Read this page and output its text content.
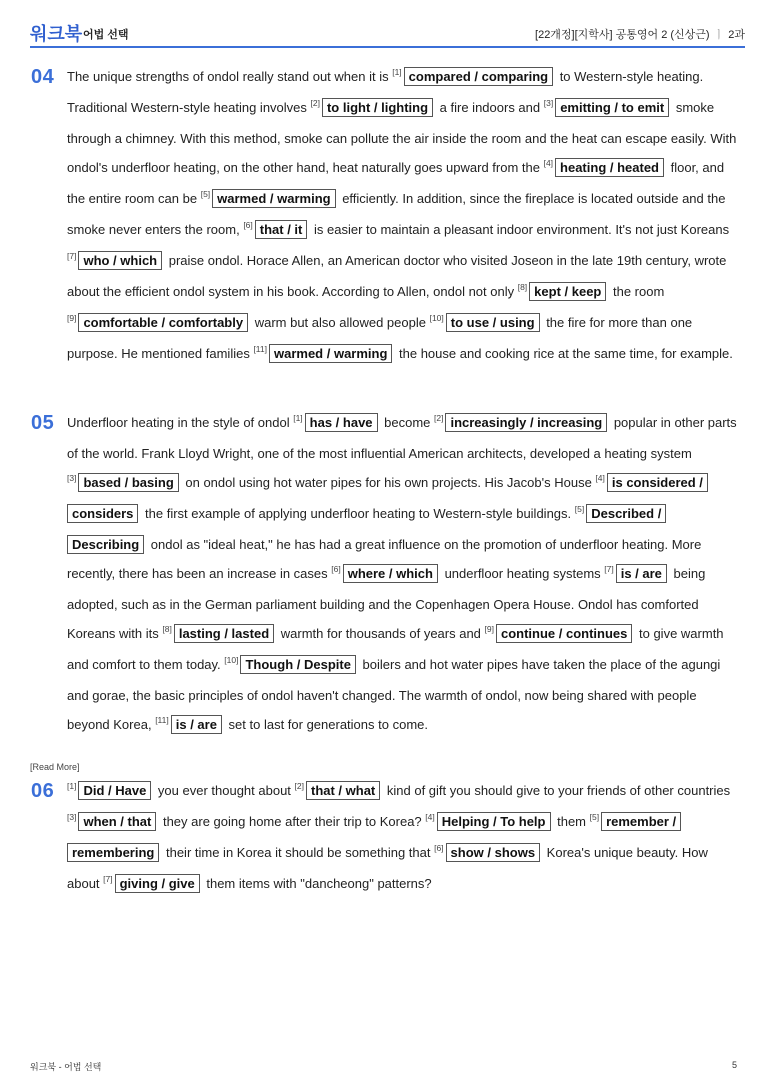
워크북 어법 선택	[22개정][지학사] 공통영어 2 (신상근) ㅣ 2과
04 The unique strengths of ondol really stand out when it is [1] compared / comparing to Western-style heating. Traditional Western-style heating involves [2] to light / lighting a fire indoors and [3] emitting / to emit smoke through a chimney. With this method, smoke can pollute the air inside the room and the heat can escape easily. With ondol's underfloor heating, on the other hand, heat naturally goes upward from the [4] heating / heated floor, and the entire room can be [5] warmed / warming efficiently. In addition, since the fireplace is located outside and the smoke never enters the room, [6] that / it is easier to maintain a pleasant indoor environment. It's not just Koreans [7] who / which praise ondol. Horace Allen, an American doctor who visited Joseon in the late 19th century, wrote about the efficient ondol system in his book. According to Allen, ondol not only [8] kept / keep the room [9] comfortable / comfortably warm but also allowed people [10] to use / using the fire for more than one purpose. He mentioned families [11] warmed / warming the house and cooking rice at the same time, for example.
05 Underfloor heating in the style of ondol [1] has / have become [2] increasingly / increasing popular in other parts of the world. Frank Lloyd Wright, one of the most influential American architects, developed a heating system [3] based / basing on ondol using hot water pipes for his own projects. His Jacob's House [4] is considered / considers the first example of applying underfloor heating to Western-style buildings. [5] Described / Describing ondol as "ideal heat," he has had a great influence on the promotion of underfloor heating. More recently, there has been an increase in cases [6] where / which underfloor heating systems [7] is / are being adopted, such as in the German parliament building and the Copenhagen Opera House. Ondol has comforted Koreans with its [8] lasting / lasted warmth for thousands of years and [9] continue / continues to give warmth and comfort to them today. [10] Though / Despite boilers and hot water pipes have taken the place of the agungi and gorae, the basic principles of ondol haven't changed. The warmth of ondol, now being shared with people beyond Korea, [11] is / are set to last for generations to come.
[Read More]
06 [1] Did / Have you ever thought about [2] that / what kind of gift you should give to your friends of other countries [3] when / that they are going home after their trip to Korea? [4] Helping / To help them [5] remember / remembering their time in Korea it should be something that [6] show / shows Korea's unique beauty. How about [7] giving / give them items with "dancheong" patterns?
워크북 - 어법 선택	5
